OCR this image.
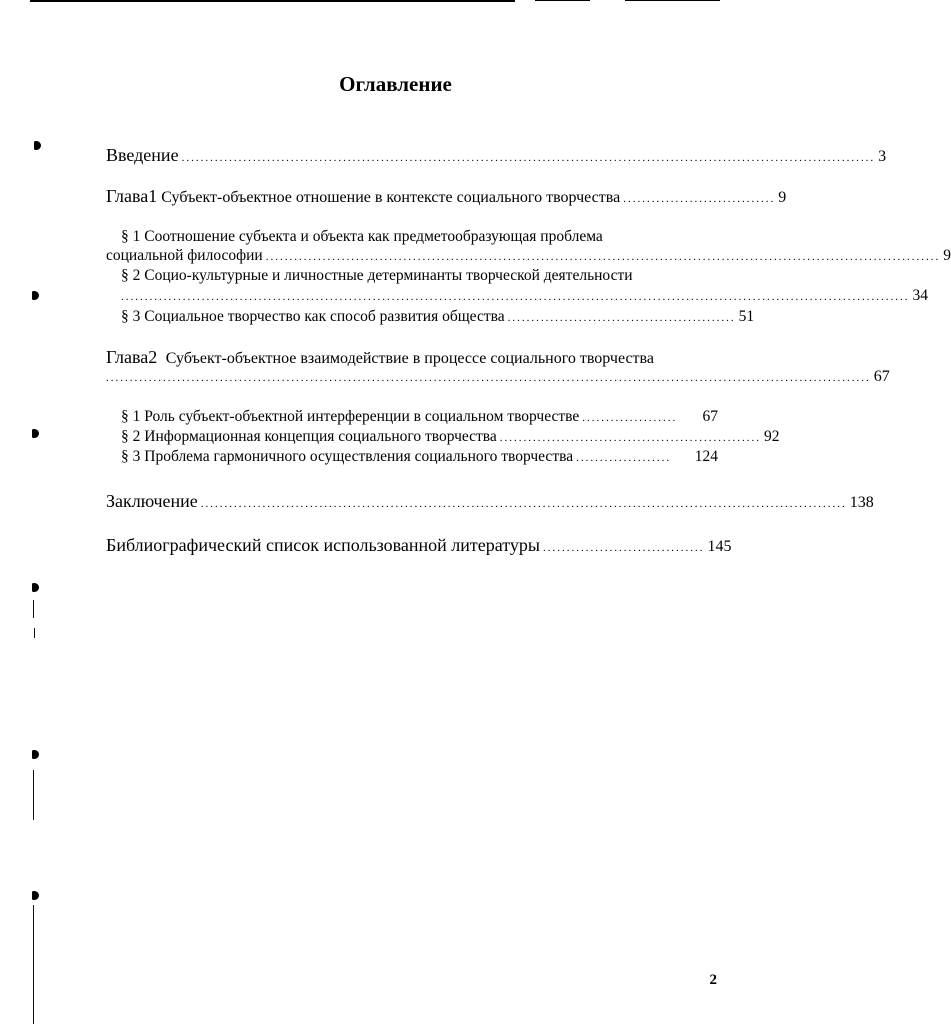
Оглавление
Введение .................................................................................................................................................. 3
Глава1 Субъект-объектное отношение в контексте социального творчества ................................ 9
§ 1 Соотношение субъекта и объекта как предметообразующая проблема
социальной философии .............................................................................................................................................. 9
§ 2 Социо-культурные и личностные детерминанты творческой деятельности
...................................................................................................................................................................... 34
§ 3 Социальное творчество как способ развития общества ................................................ 51
Глава2 Субъект-объектное взаимодействие в процессе социального творчества
................................................................................................................................................................. 67
§ 1 Роль субъект-объектной интерференции в социальном творчестве ....................	67
§ 2 Информационная концепция социального творчества ....................................................... 92
§ 3 Проблема гармоничного осуществления социального творчества ....................	124
Заключение ........................................................................................................................................ 138
Библиографический список использованной литературы .................................. 145
2
